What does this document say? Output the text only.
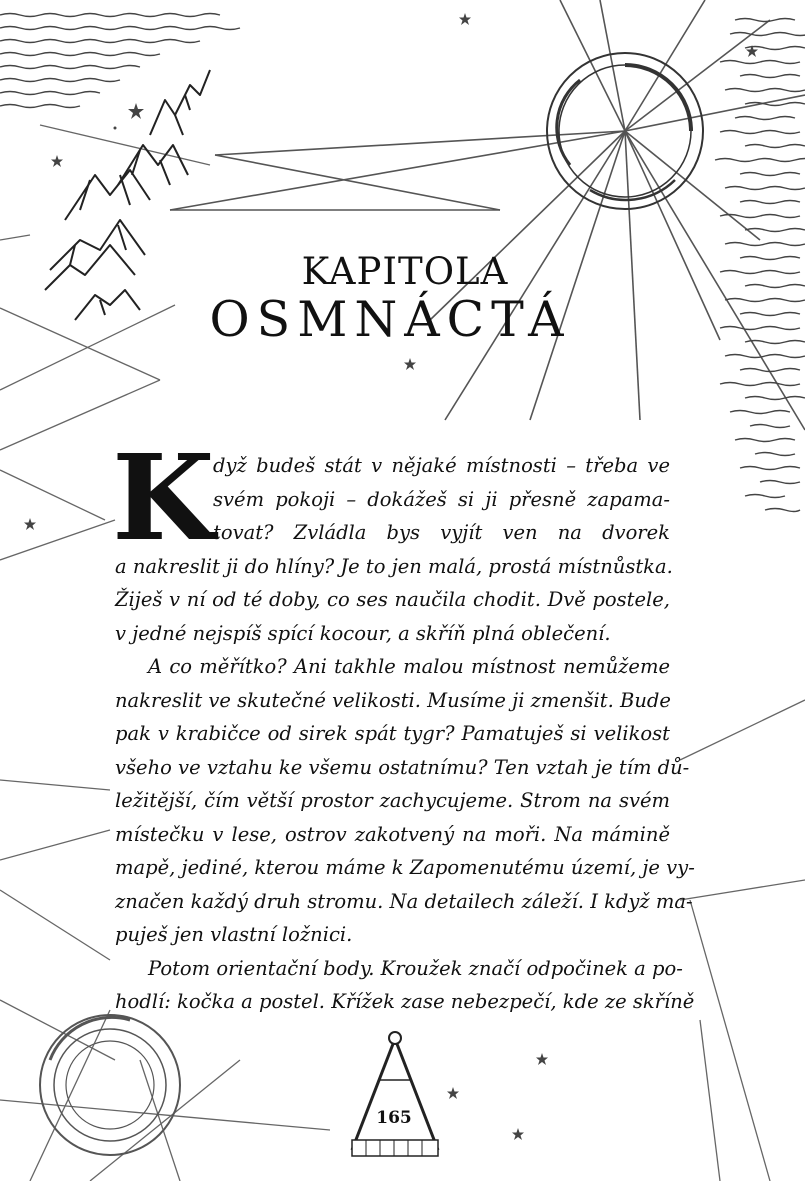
KAPITOLA
OSMNÁCTÁ
K

dyž budeš stát v nějaké místnosti – třeba ve
svém pokoji – dokážeš si ji přesně zapama-
tovat? Zvládla bys vyjít ven na dvorek

a nakreslit ji do hlíny? Je to jen malá, prostá místnůstka.
Žiješ v ní od té doby, co ses naučila chodit. Dvě postele,
v jedné nejspíš spící kocour, a skříň plná oblečení.

A co měřítko? Ani takhle malou místnost nemůžeme
nakreslit ve skutečné velikosti. Musíme ji zmenšit. Bude
pak v krabičce od sirek spát tygr? Pamatuješ si velikost
všeho ve vztahu ke všemu ostatnímu? Ten vztah je tím dů-
ležitější, čím větší prostor zachycujeme. Strom na svém
místečku v lese, ostrov zakotvený na moři. Na mámině
mapě, jediné, kterou máme k Zapomenutému území, je vy-
značen každý druh stromu. Na detailech záleží. I když ma-
puješ jen vlastní ložnici.

Potom orientační body. Kroužek značí odpočinek a po-
hodlí: kočka a postel. Křížek zase nebezpečí, kde ze skříně

165
